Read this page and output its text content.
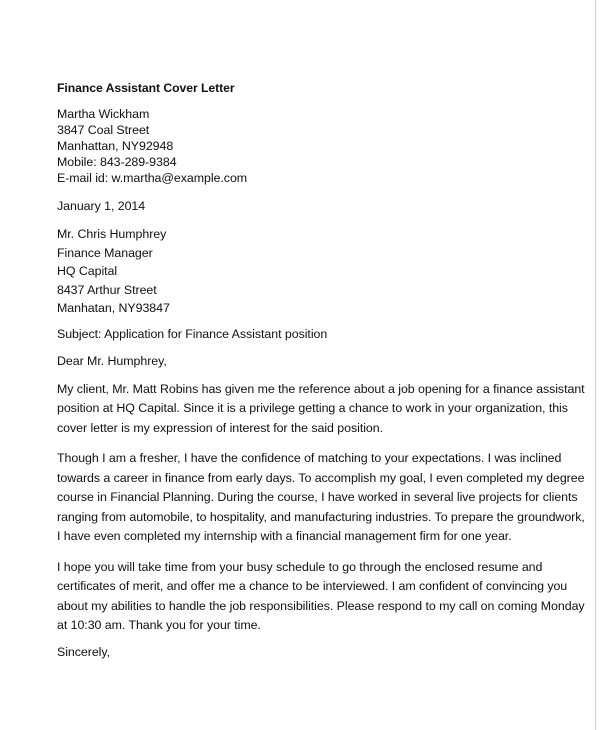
Finance Assistant Cover Letter
Martha Wickham
3847 Coal Street
Manhattan, NY92948
Mobile: 843-289-9384
E-mail id: w.martha@example.com
January 1, 2014
Mr. Chris Humphrey
Finance Manager
HQ Capital
8437 Arthur Street
Manhatan, NY93847
Subject: Application for Finance Assistant position
Dear Mr. Humphrey,
My client, Mr. Matt Robins has given me the reference about a job opening for a finance assistant
position at HQ Capital. Since it is a privilege getting a chance to work in your organization, this
cover letter is my expression of interest for the said position.
Though I am a fresher, I have the confidence of matching to your expectations. I was inclined
towards a career in finance from early days. To accomplish my goal, I even completed my degree
course in Financial Planning. During the course, I have worked in several live projects for clients
ranging from automobile, to hospitality, and manufacturing industries. To prepare the groundwork,
I have even completed my internship with a financial management firm for one year.
I hope you will take time from your busy schedule to go through the enclosed resume and
certificates of merit, and offer me a chance to be interviewed. I am confident of convincing you
about my abilities to handle the job responsibilities. Please respond to my call on coming Monday
at 10:30 am. Thank you for your time.
Sincerely,
